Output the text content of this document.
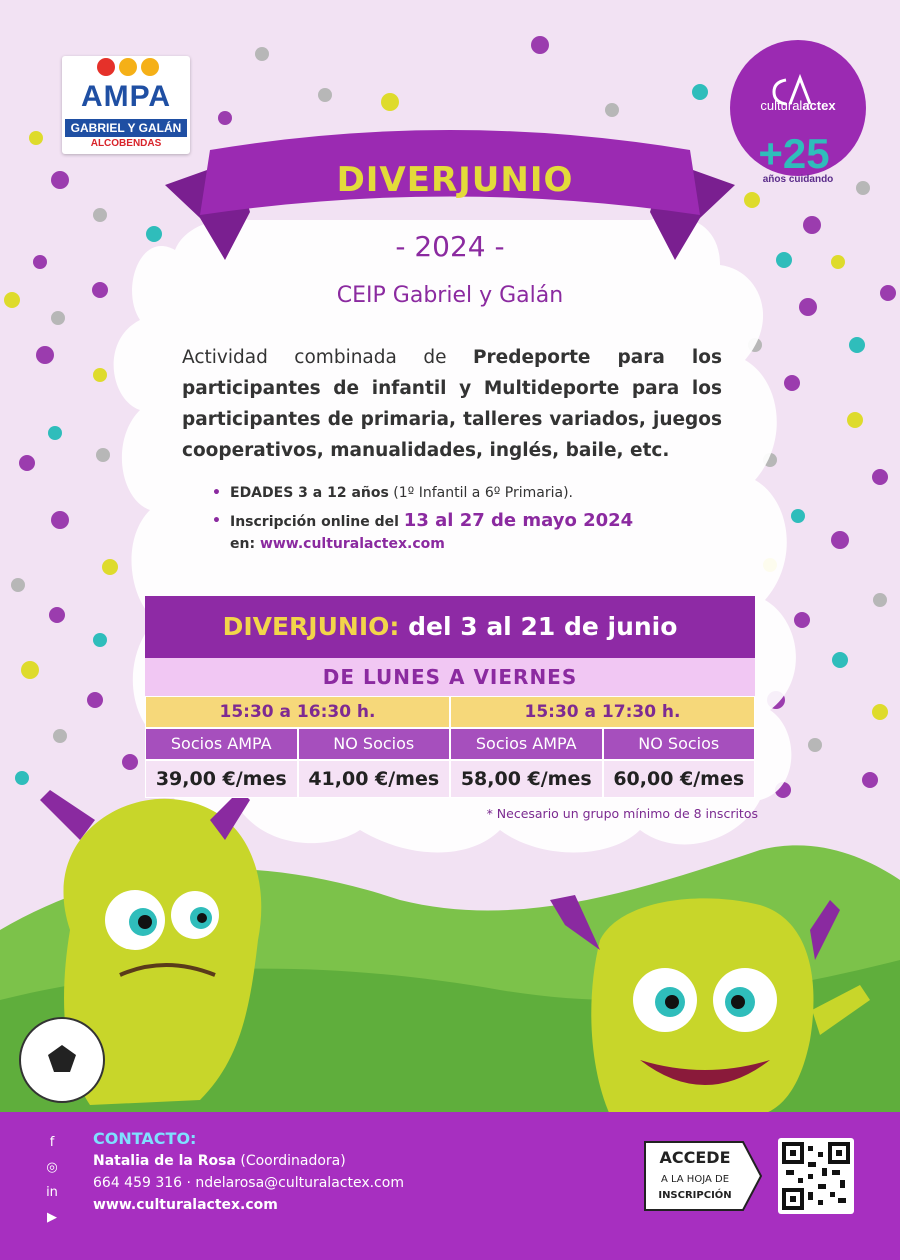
AMPA
GABRIEL Y GALÁN
ALCOBENDAS	+25
culturalactex
años cuidando
DIVERJUNIO
- 2024 -
CEIP Gabriel y Galán
Actividad combinada de Predeporte para los participantes de infantil y Multideporte para los participantes de primaria, talleres variados, juegos cooperativos, manualidades, inglés, baile, etc.
• EDADES 3 a 12 años (1º Infantil a 6º Primaria).
• Inscripción online del 13 al 27 de mayo 2024
en: www.culturalactex.com
DIVERJUNIO: del 3 al 21 de junio
DE LUNES A VIERNES
15:30 a 16:30 h.	15:30 a 17:30 h.
Socios AMPA	NO Socios	Socios AMPA	NO Socios
39,00 €/mes	41,00 €/mes	58,00 €/mes	60,00 €/mes
* Necesario un grupo mínimo de 8 inscritos
f
◎
in
▶
CONTACTO:
Natalia de la Rosa (Coordinadora)
664 459 316 · ndelarosa@culturalactex.com
www.culturalactex.com
ACCEDE
A LA HOJA DE
INSCRIPCIÓN
